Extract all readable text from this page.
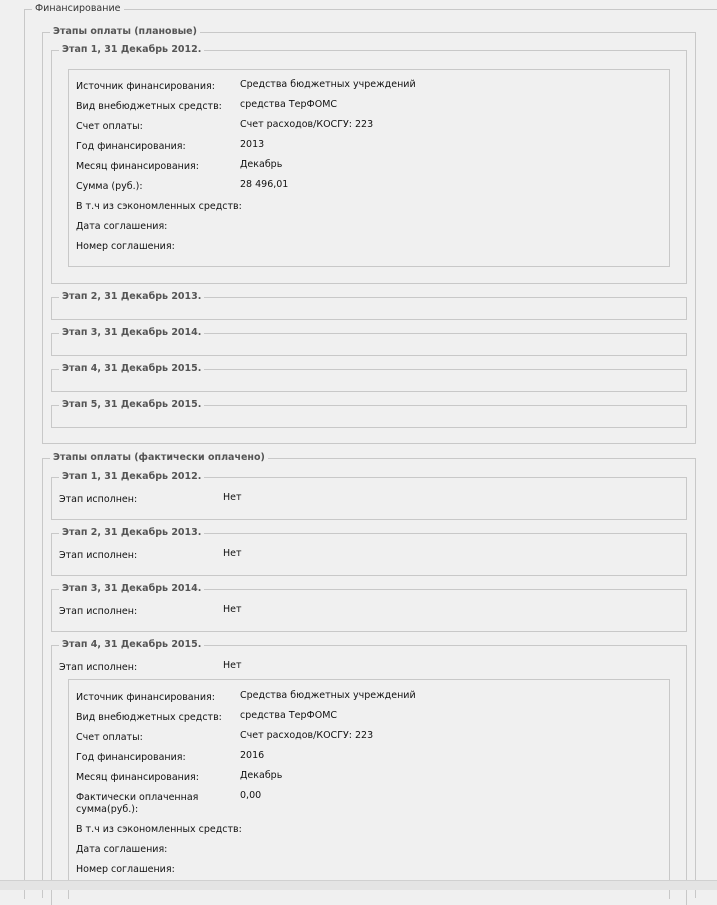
Финансирование
Этапы оплаты (плановые)
Этап 1, 31 Декабрь 2012.
Источник финансирования:	Средства бюджетных учреждений
Вид внебюджетных средств: средства ТерФОМС
Счет оплаты:	Счет расходов/КОСГУ: 223
Год финансирования:	2013
Месяц финансирования:	Декабрь
Сумма (руб.):	28 496,01
В т.ч из сэкономленных средств:
Дата соглашения:
Номер соглашения:
Этап 2, 31 Декабрь 2013.
Этап 3, 31 Декабрь 2014.
Этап 4, 31 Декабрь 2015.
Этап 5, 31 Декабрь 2015.
Этапы оплаты (фактически оплачено)
Этап 1, 31 Декабрь 2012.
Этап исполнен:	Нет
Этап 2, 31 Декабрь 2013.
Этап исполнен:	Нет
Этап 3, 31 Декабрь 2014.
Этап исполнен:	Нет
Этап 4, 31 Декабрь 2015.
Этап исполнен:	Нет
Источник финансирования:	Средства бюджетных учреждений
Вид внебюджетных средств: средства ТерФОМС
Счет оплаты:	Счет расходов/КОСГУ: 223
Год финансирования:	2016
Месяц финансирования:	Декабрь
Фактически оплаченная сумма(руб.):
0,00
В т.ч из сэкономленных средств:
Дата соглашения:
Номер соглашения:
